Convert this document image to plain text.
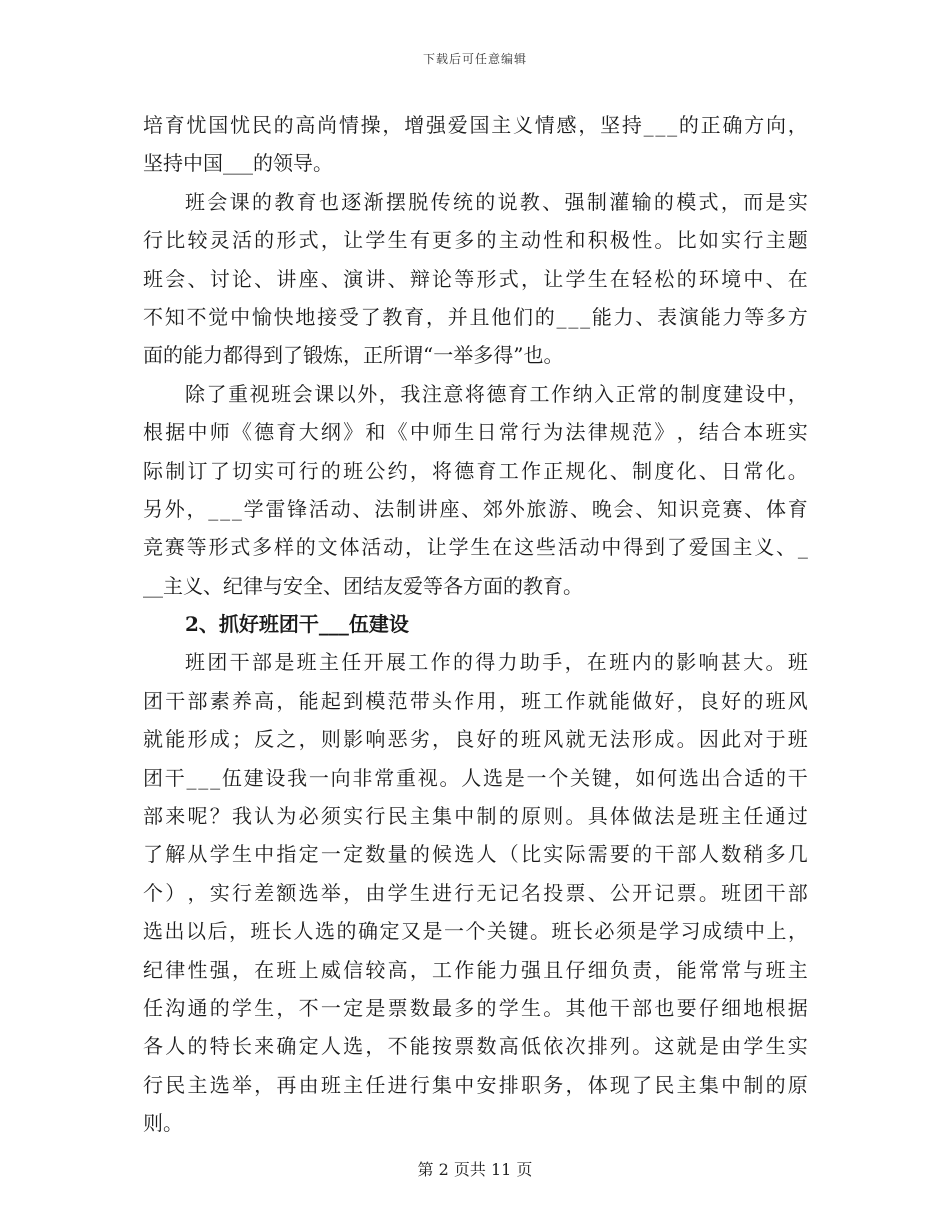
下载后可任意编辑
培 育 忧 国 忧 民 的 高 尚 情 操 ， 增 强 爱 国 主 义 情 感 ， 坚 持 _ _ _ 的 正 确 方 向 ，
坚持中国___的领导。
班 会 课 的 教 育 也 逐 渐 摆 脱 传 统 的 说 教 、 强 制 灌 输 的 模 式 ， 而 是 实
行 比 较 灵 活 的 形 式 ， 让 学 生 有 更 多 的 主 动 性 和 积 极 性 。 比 如 实 行 主 题
班 会 、 讨 论 、 讲 座 、 演 讲 、 辩 论 等 形 式 ， 让 学 生 在 轻 松 的 环 境 中 、 在
不 知 不 觉 中 愉 快 地 接 受 了 教 育 ， 并 且 他 们 的 _ _ _ 能 力 、 表 演 能 力 等 多 方
面的能力都得到了锻炼，正所谓“一举多得”也。
除 了 重 视 班 会 课 以 外 ， 我 注 意 将 德 育 工 作 纳 入 正 常 的 制 度 建 设 中 ，
根 据 中 师 《 德 育 大 纲 》 和 《 中 师 生 日 常 行 为 法 律 规 范 》 ， 结 合 本 班 实
际 制 订 了 切 实 可 行 的 班 公 约 ， 将 德 育 工 作 正 规 化 、 制 度 化 、 日 常 化 。
另 外 ， _ _ _ 学 雷 锋 活 动 、 法 制 讲 座 、 郊 外 旅 游 、 晚 会 、 知 识 竞 赛 、 体 育
竞 赛 等 形 式 多 样 的 文 体 活 动 ， 让 学 生 在 这 些 活 动 中 得 到 了 爱 国 主 义 、 _
__主义、纪律与安全、团结友爱等各方面的教育。
2、抓好班团干___伍建设
班 团 干 部 是 班 主 任 开 展 工 作 的 得 力 助 手 ， 在 班 内 的 影 响 甚 大 。 班
团 干 部 素 养 高 ， 能 起 到 模 范 带 头 作 用 ， 班 工 作 就 能 做 好 ， 良 好 的 班 风
就 能 形 成 ； 反 之 ， 则 影 响 恶 劣 ， 良 好 的 班 风 就 无 法 形 成 。 因 此 对 于 班
团 干 _ _ _ 伍 建 设 我 一 向 非 常 重 视 。 人 选 是 一 个 关 键 ， 如 何 选 出 合 适 的 干
部 来 呢 ？ 我 认 为 必 须 实 行 民 主 集 中 制 的 原 则 。 具 体 做 法 是 班 主 任 通 过
了 解 从 学 生 中 指 定 一 定 数 量 的 候 选 人 （ 比 实 际 需 要 的 干 部 人 数 稍 多 几
个 ） ， 实 行 差 额 选 举 ， 由 学 生 进 行 无 记 名 投 票 、 公 开 记 票 。 班 团 干 部
选 出 以 后 ， 班 长 人 选 的 确 定 又 是 一 个 关 键 。 班 长 必 须 是 学 习 成 绩 中 上 ，
纪 律 性 强 ， 在 班 上 威 信 较 高 ， 工 作 能 力 强 且 仔 细 负 责 ， 能 常 常 与 班 主
任 沟 通 的 学 生 ， 不 一 定 是 票 数 最 多 的 学 生 。 其 他 干 部 也 要 仔 细 地 根 据
各 人 的 特 长 来 确 定 人 选 ， 不 能 按 票 数 高 低 依 次 排 列 。 这 就 是 由 学 生 实
行 民 主 选 举 ， 再 由 班 主 任 进 行 集 中 安 排 职 务 ， 体 现 了 民 主 集 中 制 的 原
则。
第 2 页共 11 页
